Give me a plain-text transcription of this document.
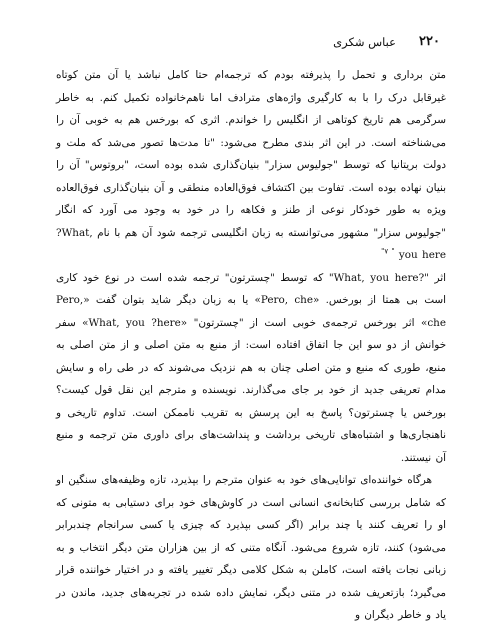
۲۲۰
عباس شکری

متن برداری و تحمل را پذیرفته بودم که ترجمه‌ام حتا کامل نباشد یا آن متن کوتاه غیرقابل درک را با به کارگیری واژه‌های مترادف اما ناهم‌خانواده تکمیل کنم. به خاطر سرگرمی هم تاریخ کوتاهی از انگلیس را خواندم. اثری که بورخس هم به خوبی آن را می‌شناخته است. در این اثر بندی مطرح می‌شود: "تا مدت‌ها تصور می‌شد که ملت و دولت بریتانیا که توسط "جولیوس سزار" بنیان‌گذاری شده بوده است، "بروتوس" آن را بنیان نهاده بوده است. تفاوت بین اکتشاف فوق‌العاده منطقی و آن بنیان‌گذاری فوق‌العاده ویژه به طور خودکار نوعی از طنز و فکاهه را در خود به وجود می آورد که انگار "جولیوس سزار" مشهور می‌توانسته به زبان انگلیسی ترجمه شود آن هم با نام ?What, you here $^{" ۷"}$

اثر "?What, you here" که توسط "چسترتون" ترجمه شده است در نوع خود کاری است بی همتا از بورخس. «Pero, che» یا به زبان دیگر شاید بتوان گفت «Pero, che» اثر بورخس ترجمه‌ی خوبی است از "چسترتون" «What, you ?here» سفر خوانش از دو سو این جا اتفاق افتاده است: از منبع به متن اصلی و از متن اصلی به منبع، طوری که منبع و متن اصلی چنان به هم نزدیک می‌شوند که در طی راه و سایش مدام تعریفی جدید از خود بر جای می‌گذارند. نویسنده و مترجم این نقل قول کیست؟ بورخس یا چسترتون؟ پاسخ به این پرسش به تقریب ناممکن است. تداوم تاریخی و ناهنجاری‌ها و اشتباه‌های تاریخی برداشت و پنداشت‌های برای داوری متن ترجمه و منبع آن نیستند.

هرگاه خواننده‌ای توانایی‌های خود به عنوان مترجم را بپذیرد، تازه وظیفه‌های سنگین او که شامل بررسی کتابخانه‌ی انسانی است در کاوش‌های خود برای دستیابی به متونی که او را تعریف کنند یا چند برابر (اگر کسی بپذیرد که چیزی یا کسی سرانجام چندبرابر می‌شود) کنند، تازه شروع می‌شود. آنگاه متنی که از بین هزاران متن دیگر انتخاب و به زبانی نجات یافته است، کاملن به شکل کلامی دیگر تغییر یافته و در اختیار خواننده قرار می‌گیرد؛ بازتعریف شده در متنی دیگر، نمایش داده شده در تجربه‌های جدید، ماندن در یاد و خاطر دیگران و
